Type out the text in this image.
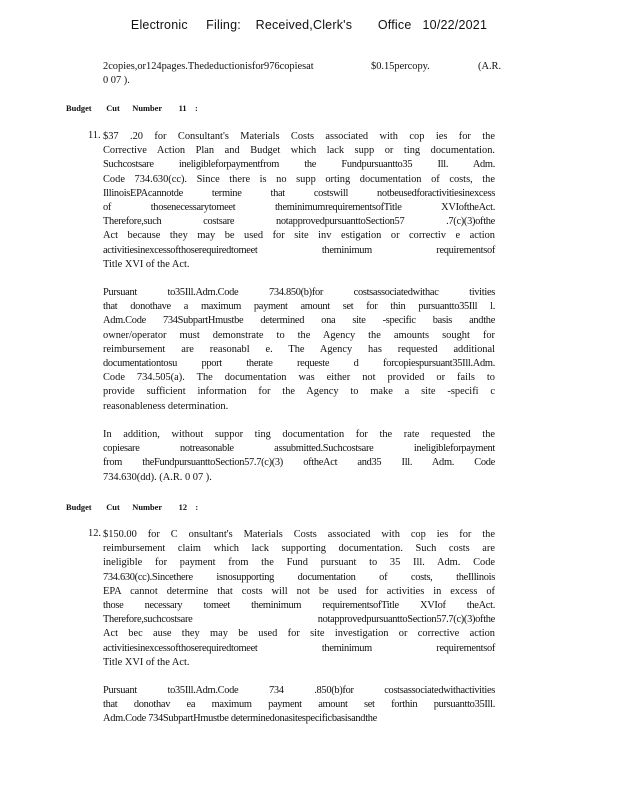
Electronic     Filing:    Received,Clerk's       Office   10/22/2021
2copies,or124pages.Thedeductionisfor976copiesat	$0.15percopy.	(A.R.
0 07 ).
Budget       Cut      Number        11    :
11. $37 .20 for Consultant's Materials Costs associated with cop ies for the
Corrective Action Plan and Budget which lack supp or ting documentation.
Suchcostsare ineligibleforpaymentfrom the Fundpursuantto35 Ill. Adm.
Code 734.630(cc). Since there is no supp orting documentation of costs, the
IllinoisEPAcannotde termine that costswill notbeusedforactivitiesinexcess
of thosenecessarytomeet theminimumrequirementsofTitle XVIoftheAct.
Therefore,such costsare notapprovedpursuanttoSection57 .7(c)(3)ofthe
Act because they may be used for site inv estigation or correctiv e action
activitiesinexcessofthoserequiredtomeet theminimum requirementsof
Title XVI of the Act.
Pursuant to35Ill.Adm.Code 734.850(b)for costsassociatedwithac tivities
that donothave a maximum payment amount set for thin pursuantto35Ill l.
Adm.Code 734SubpartHmustbe determined ona site -specific basis andthe
owner/operator must demonstrate to the Agency the amounts sought for
reimbursement are reasonabl e. The Agency has requested additional
documentationtosu pport therate requeste d forcopiespursuant35Ill.Adm.
Code 734.505(a). The documentation was either not provided or fails to
provide sufficient information for the Agency to make a site -specifi c
reasonableness determination.
In addition, without suppor ting documentation for the rate requested the
copiesare notreasonable assubmitted.Suchcostsare ineligibleforpayment
from theFundpursuanttoSection57.7(c)(3) oftheAct and35 Ill. Adm. Code
734.630(dd). (A.R. 0 07 ).
Budget       Cut      Number        12    :
12. $150.00 for C onsultant's Materials Costs associated with cop ies for the
reimbursement claim which lack supporting documentation. Such costs are
ineligible for payment from the Fund pursuant to 35 Ill. Adm. Code
734.630(cc).Sincethere isnosupporting documentation of costs, theIllinois
EPA cannot determine that costs will not be used for activities in excess of
those necessary tomeet theminimum requirementsofTitle XVIof theAct.
Therefore,suchcostsare notapprovedpursuanttoSection57.7(c)(3)ofthe
Act bec ause they may be used for site investigation or corrective action
activitiesinexcessofthoserequiredtomeet theminimum requirementsof
Title XVI of the Act.
Pursuant to35Ill.Adm.Code 734 .850(b)for costsassociatedwithactivities
that donothav ea maximum payment amount set forthin pursuantto35Ill.
Adm.Code 734SubpartHmustbe determinedonasitespecificbasisandthe
